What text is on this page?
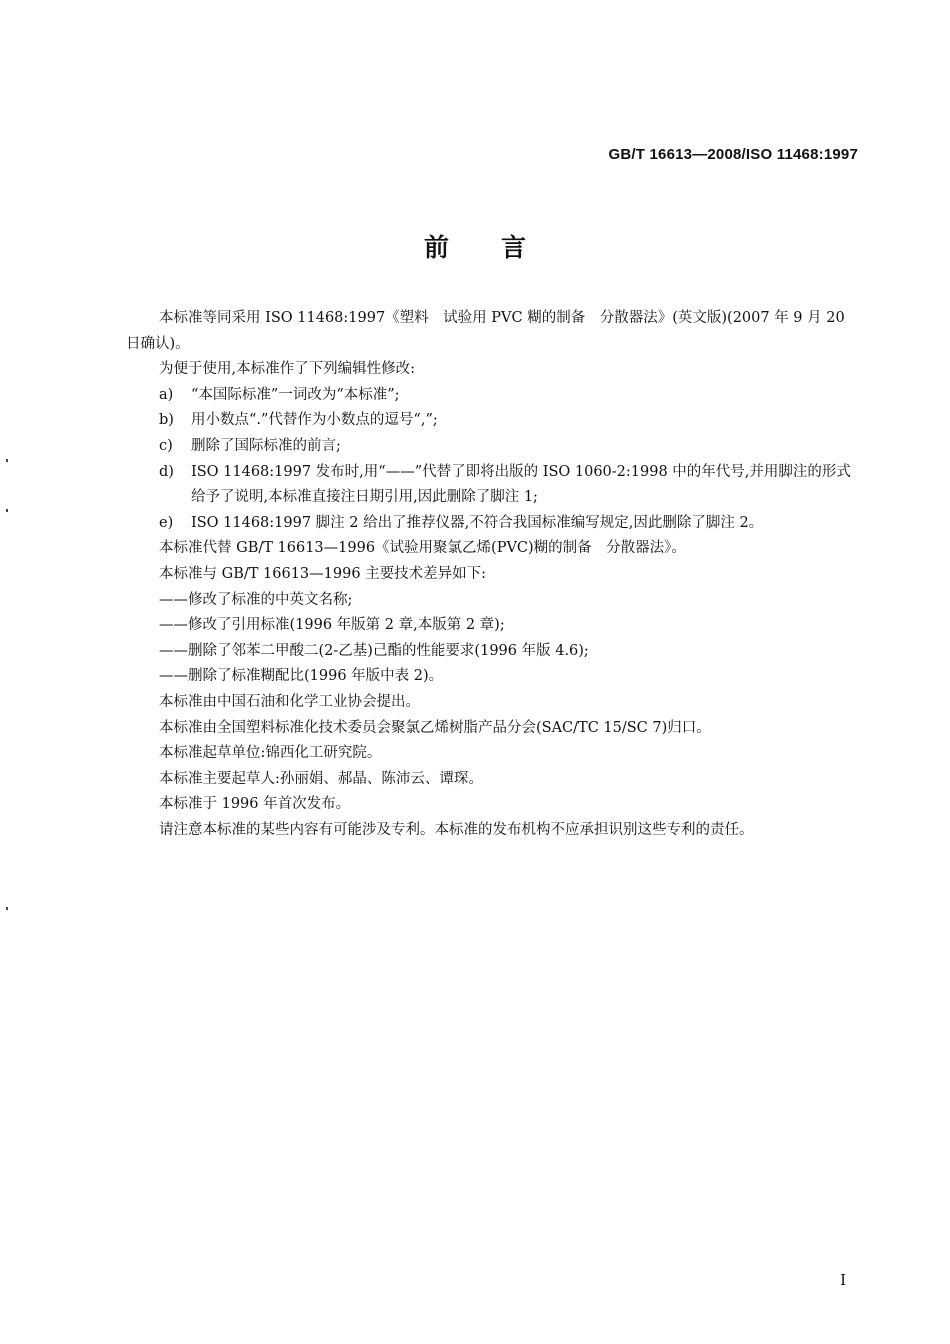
GB/T 16613—2008/ISO 11468:1997
前言

本标准等同采用 ISO 11468:1997《塑料　试验用 PVC 糊的制备　分散器法》(英文版)(2007 年 9 月 20 日确认)。

为便于使用,本标准作了下列编辑性修改:

a) “本国际标准”一词改为“本标准”;
b) 用小数点“.”代替作为小数点的逗号“,”;
c) 删除了国际标准的前言;
d) ISO 11468:1997 发布时,用“——”代替了即将出版的 ISO 1060-2:1998 中的年代号,并用脚注的形式给予了说明,本标准直接注日期引用,因此删除了脚注 1;
e) ISO 11468:1997 脚注 2 给出了推荐仪器,不符合我国标准编写规定,因此删除了脚注 2。

本标准代替 GB/T 16613—1996《试验用聚氯乙烯(PVC)糊的制备　分散器法》。

本标准与 GB/T 16613—1996 主要技术差异如下:

——修改了标准的中英文名称;

——修改了引用标准(1996 年版第 2 章,本版第 2 章);

——删除了邻苯二甲酸二(2-乙基)己酯的性能要求(1996 年版 4.6);

——删除了标准糊配比(1996 年版中表 2)。

本标准由中国石油和化学工业协会提出。

本标准由全国塑料标准化技术委员会聚氯乙烯树脂产品分会(SAC/TC 15/SC 7)归口。

本标准起草单位:锦西化工研究院。

本标准主要起草人:孙丽娟、郝晶、陈沛云、谭琛。

本标准于 1996 年首次发布。

请注意本标准的某些内容有可能涉及专利。本标准的发布机构不应承担识别这些专利的责任。

I
